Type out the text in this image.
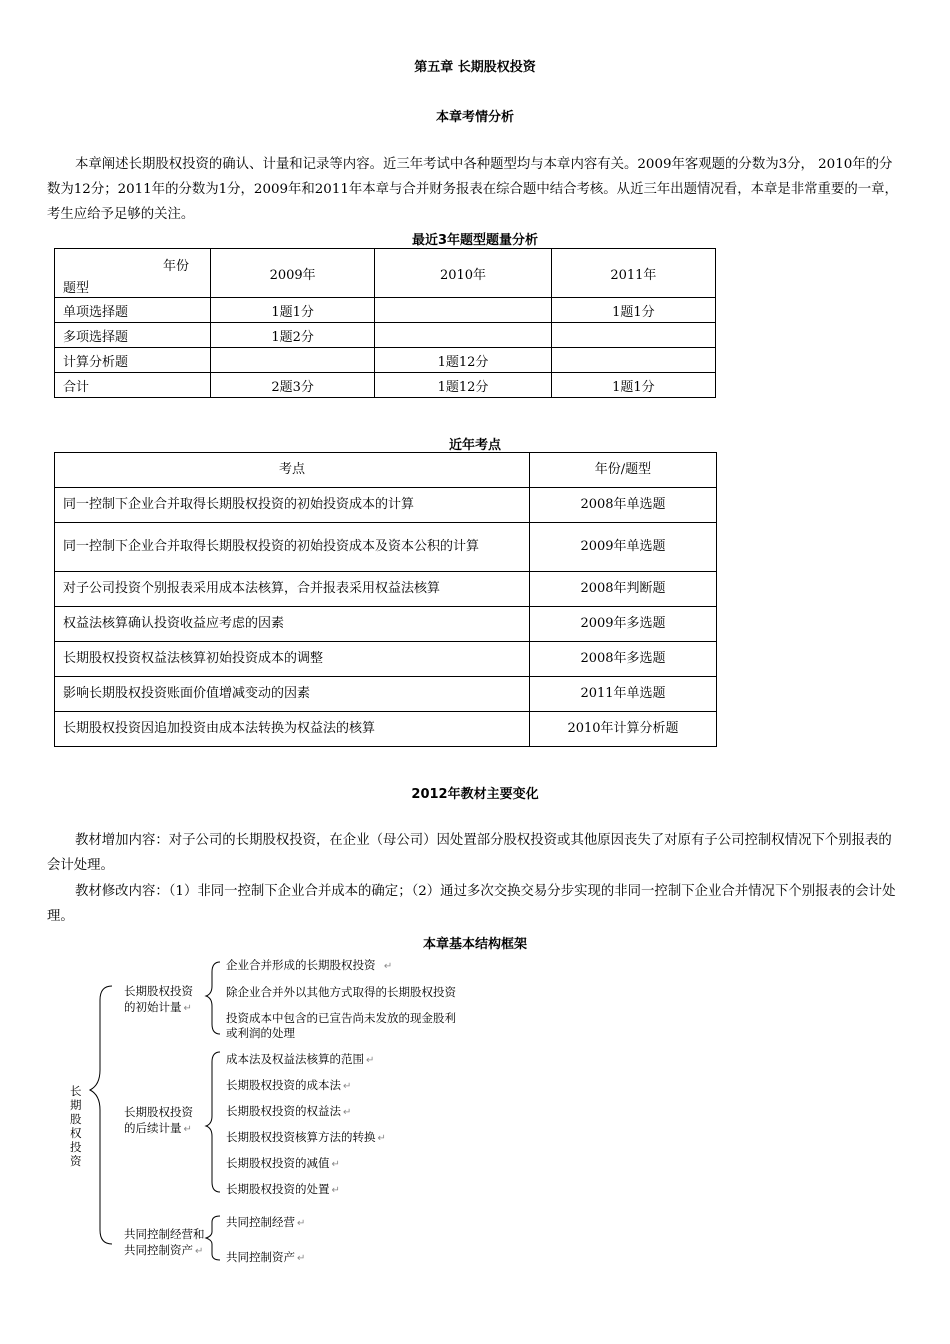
第五章 长期股权投资
本章考情分析
本章阐述长期股权投资的确认、计量和记录等内容。近三年考试中各种题型均与本章内容有关。2009年客观题的分数为3分， 2010年的分数为12分；2011年的分数为1分，2009年和2011年本章与合并财务报表在综合题中结合考核。从近三年出题情况看，本章是非常重要的一章，考生应给予足够的关注。
最近3年题型题量分析
年份
题型	2009年	2010年	2011年
单项选择题	1题1分		1题1分
多项选择题	1题2分		
计算分析题		1题12分	
合计	2题3分	1题12分	1题1分
近年考点
考点	年份/题型
同一控制下企业合并取得长期股权投资的初始投资成本的计算	2008年单选题
同一控制下企业合并取得长期股权投资的初始投资成本及资本公积的计算	2009年单选题
对子公司投资个别报表采用成本法核算，合并报表采用权益法核算	2008年判断题
权益法核算确认投资收益应考虑的因素	2009年多选题
长期股权投资权益法核算初始投资成本的调整	2008年多选题
影响长期股权投资账面价值增减变动的因素	2011年单选题
长期股权投资因追加投资由成本法转换为权益法的核算	2010年计算分析题
2012年教材主要变化
教材增加内容：对子公司的长期股权投资，在企业（母公司）因处置部分股权投资或其他原因丧失了对原有子公司控制权情况下个别报表的会计处理。
教材修改内容：（1）非同一控制下企业合并成本的确定；（2）通过多次交换交易分步实现的非同一控制下企业合并情况下个别报表的会计处理。
本章基本结构框架
长期股权投资
长期股权投资
的初始计量 ↵
长期股权投资
的后续计量 ↵
共同控制经营和
共同控制资产 ↵
企业合并形成的长期股权投资  ↵
除企业合并外以其他方式取得的长期股权投资
投资成本中包含的已宣告尚未发放的现金股利
或利润的处理
成本法及权益法核算的范围 ↵
长期股权投资的成本法 ↵
长期股权投资的权益法 ↵
长期股权投资核算方法的转换 ↵
长期股权投资的减值 ↵
长期股权投资的处置 ↵
共同控制经营 ↵
共同控制资产 ↵
